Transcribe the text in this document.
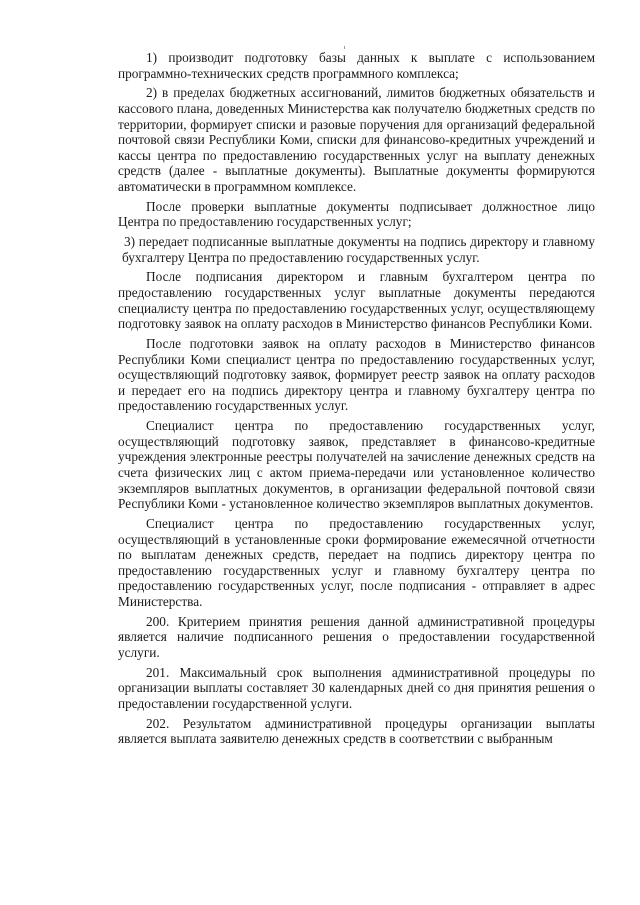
1) производит подготовку базы данных к выплате с использованием программно-технических средств программного комплекса;

2) в пределах бюджетных ассигнований, лимитов бюджетных обязательств и кассового плана, доведенных Министерства как получателю бюджетных средств по территории, формирует списки и разовые поручения для организаций федеральной почтовой связи Республики Коми, списки для финансово-кредитных учреждений и кассы центра по предоставлению государственных услуг на выплату денежных средств (далее - выплатные документы). Выплатные документы формируются автоматически в программном комплексе.

После проверки выплатные документы подписывает должностное лицо Центра по предоставлению государственных услуг;

3) передает подписанные выплатные документы на подпись директору и главному бухгалтеру Центра по предоставлению государственных услуг.

После подписания директором и главным бухгалтером центра по предоставлению государственных услуг выплатные документы передаются специалисту центра по предоставлению государственных услуг, осуществляющему подготовку заявок на оплату расходов в Министерство финансов Республики Коми.

После подготовки заявок на оплату расходов в Министерство финансов Республики Коми специалист центра по предоставлению государственных услуг, осуществляющий подготовку заявок, формирует реестр заявок на оплату расходов и передает его на подпись директору центра и главному бухгалтеру центра по предоставлению государственных услуг.

Специалист центра по предоставлению государственных услуг, осуществляющий подготовку заявок, представляет в финансово-кредитные учреждения электронные реестры получателей на зачисление денежных средств на счета физических лиц с актом приема-передачи или установленное количество экземпляров выплатных документов, в организации федеральной почтовой связи Республики Коми - установленное количество экземпляров выплатных документов.

Специалист центра по предоставлению государственных услуг, осуществляющий в установленные сроки формирование ежемесячной отчетности по выплатам денежных средств, передает на подпись директору центра по предоставлению государственных услуг и главному бухгалтеру центра по предоставлению государственных услуг, после подписания - отправляет в адрес Министерства.

200. Критерием принятия решения данной административной процедуры является наличие подписанного решения о предоставлении государственной услуги.

201. Максимальный срок выполнения административной процедуры по организации выплаты составляет 30 календарных дней со дня принятия решения о предоставлении государственной услуги.

202. Результатом административной процедуры организации выплаты является выплата заявителю денежных средств в соответствии с выбранным
